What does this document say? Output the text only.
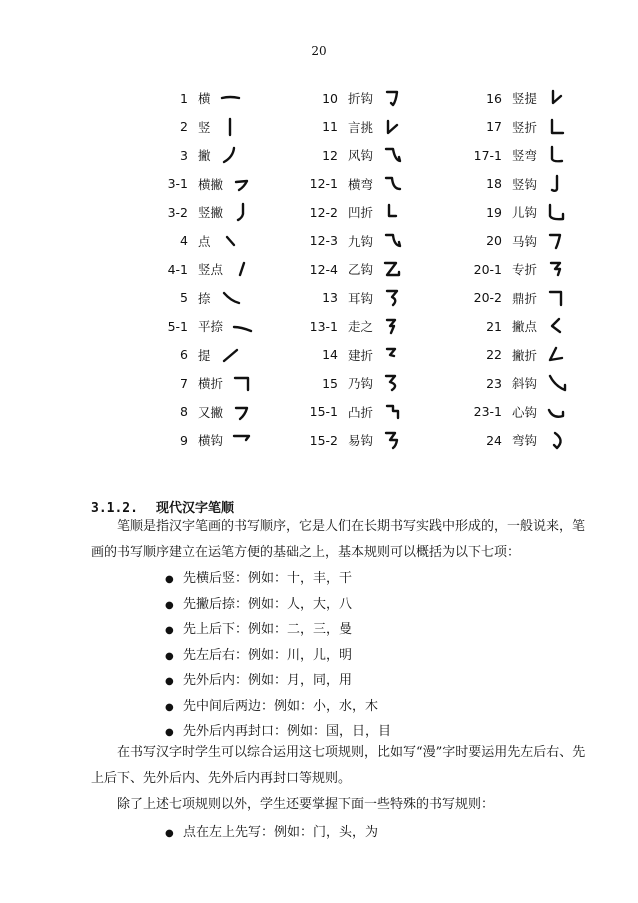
20
1 横
2 竖
3 撇
3-1 横撇
3-2 竖撇
4 点
4-1 竖点
5 捺
5-1 平捺
6 提
7 横折
8 又撇
9 横钩
10 折钩
11 言挑
12 风钩
12-1 横弯
12-2 凹折
12-3 九钩
12-4 乙钩
13 耳钩
13-1 走之
14 建折
15 乃钩
15-1 凸折
15-2 易钩
16 竖提
17 竖折
17-1 竖弯
18 竖钩
19 儿钩
20 马钩
20-1 专折
20-2 鼎折
21 撇点
22 撇折
23 斜钩
23-1 心钩
24 弯钩
3.1.2. 现代汉字笔顺
笔顺是指汉字笔画的书写顺序，它是人们在长期书写实践中形成的，一般说来，笔画的书写顺序建立在运笔方便的基础之上，基本规则可以概括为以下七项：
● 先横后竖：例如：十，丰，干
● 先撇后捺：例如：人，大，八
● 先上后下：例如：二，三，曼
● 先左后右：例如：川，儿，明
● 先外后内：例如：月，同，用
● 先中间后两边：例如：小，水，木
● 先外后内再封口：例如：国，日，目
在书写汉字时学生可以综合运用这七项规则，比如写“漫”字时要运用先左后右、先上后下、先外后内、先外后内再封口等规则。
除了上述七项规则以外，学生还要掌握下面一些特殊的书写规则：
● 点在左上先写：例如：门，头，为
